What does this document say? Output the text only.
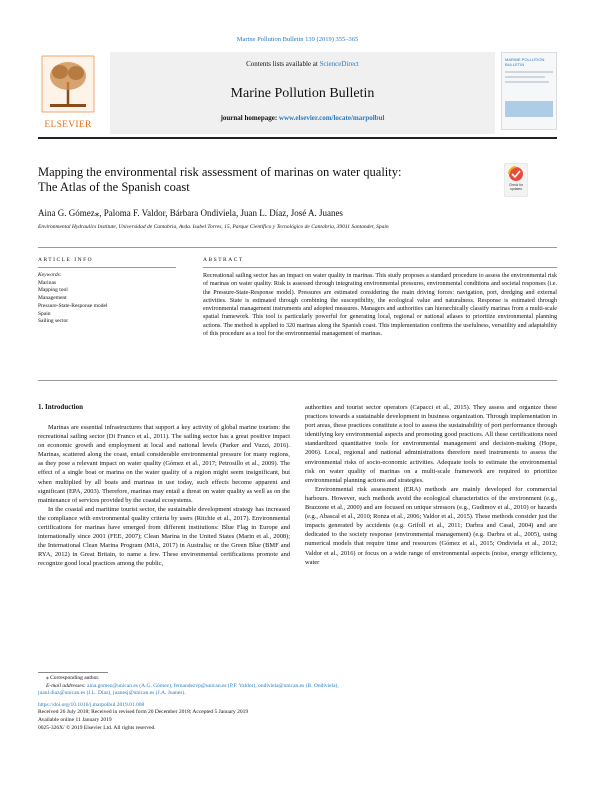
Marine Pollution Bulletin 139 (2019) 355–365
ELSEVIER
Contents lists available at ScienceDirect
Marine Pollution Bulletin
journal homepage: www.elsevier.com/locate/marpolbul
MARINE POLLUTION BULLETIN
Mapping the environmental risk assessment of marinas on water quality:
The Atlas of the Spanish coast	Check for updates
Aina G. Gómez⁎, Paloma F. Valdor, Bárbara Ondiviela, Juan L. Díaz, José A. Juanes
Environmental Hydraulics Institute, Universidad de Cantabria, Avda. Isabel Torres, 15, Parque Científico y Tecnológico de Cantabria, 39011 Santander, Spain
ARTICLE INFO
Keywords:
Marinas
Mapping tool
Management
Pressure-State-Response model
Spain
Sailing sector
ABSTRACT
Recreational sailing sector has an impact on water quality in marinas. This study proposes a standard procedure to assess the environmental risk of marinas on water quality. Risk is assessed through integrating environmental pressures, environmental conditions and societal responses (i.e. the Pressure-State-Response model). Pressures are estimated considering the main driving forces: navigation, port, dredging and external activities. State is estimated through combining the susceptibility, the ecological value and naturalness. Response is estimated through environmental management instruments and adopted measures. Managers and authorities can hierarchically classify marinas from a multi-scale spatial framework. This tool is particularly powerful for generating local, regional or national atlases to prioritize environmental planning actions. The method is applied to 320 marinas along the Spanish coast. This implementation confirms the usefulness, versatility and adaptability of this procedure as a tool for the environmental management of marinas.
1. Introduction

Marinas are essential infrastructures that support a key activity of global marine tourism: the recreational sailing sector (Di Franco et al., 2011). The sailing sector has a great positive impact on economic growth and employment at local and national levels (Parker and Vuzzi, 2016). Marinas, scattered along the coast, entail considerable environmental pressure for many regions, as they pose a relevant impact on water quality (Gómez et al., 2017; Petrosillo et al., 2009). The effect of a single boat or marina on the water quality of a region might seem insignificant, but when multiplied by all boats and marinas in use today, such effects become apparent and significant (EPA, 2003). Therefore, marinas may entail a threat on water quality as well as on the maintenance of services provided by the coastal ecosystems.

In the coastal and maritime tourist sector, the sustainable development strategy has increased the compliance with environmental quality criteria by users (Ritchie et al., 2017). Environmental certifications for marinas have emerged from different institutions: Blue Flag in Europe and internationally since 2001 (FEE, 2007); Clean Marina in the United States (Marin et al., 2008); the International Clean Marina Program (MIA, 2017) in Australia; or the Green Blue (BMF and RYA, 2012) in Great Britain, to name a few. These environmental certifications promote and recognize good local practices among the public,

authorities and tourist sector operators (Capacci et al., 2015). They assess and organize these practices towards a sustainable development in business organization. Through implementation in port areas, these practices constitute a tool to assess the sustainability of port performance through identifying key environmental aspects and promoting good practices. All these certifications need standardized quantitative tools for environmental management and decision-making (Hope, 2006). Local, regional and national administrations therefore need instruments to assess the environmental risks of socio-economic activities. Adequate tools to estimate the environmental risk on water quality of marinas on a multi-scale framework are required to prioritize environmental planning actions and strategies.

Environmental risk assessment (ERA) methods are mainly developed for commercial harbours. However, such methods avoid the ecological characteristics of the environment (e.g., Brazzone et al., 2000) and are focused on unique stressors (e.g., Gudimov et al., 2010) or hazards (e.g., Abascal et al., 2010; Ronza et al., 2006; Valdor et al., 2015). These methods consider just the impacts generated by accidents (e.g. Grifoll et al., 2011; Darbra and Casal, 2004) and are dedicated to the society response (environmental management) (e.g. Darbra et al., 2005), using numerical models that require time and resources (Gómez et al., 2015; Ondiviela et al., 2012; Valdor et al., 2016) or focus on a wide range of environmental aspects (noise, energy efficiency, water

⁎ Corresponding author.
E-mail addresses: aina.gomez@unican.es (A.G. Gómez), fernandezvp@unican.es (P.F. Valdor), ondiviela@unican.es (B. Ondiviela),
juanl.diaz@unican.es (J.L. Díaz), juanesj@unican.es (J.A. Juanes).
https://doi.org/10.1016/j.marpolbul.2019.01.008
Received 26 July 2018; Received in revised form 20 December 2018; Accepted 5 January 2019
Available online 11 January 2019
0025-326X/ © 2019 Elsevier Ltd. All rights reserved.
